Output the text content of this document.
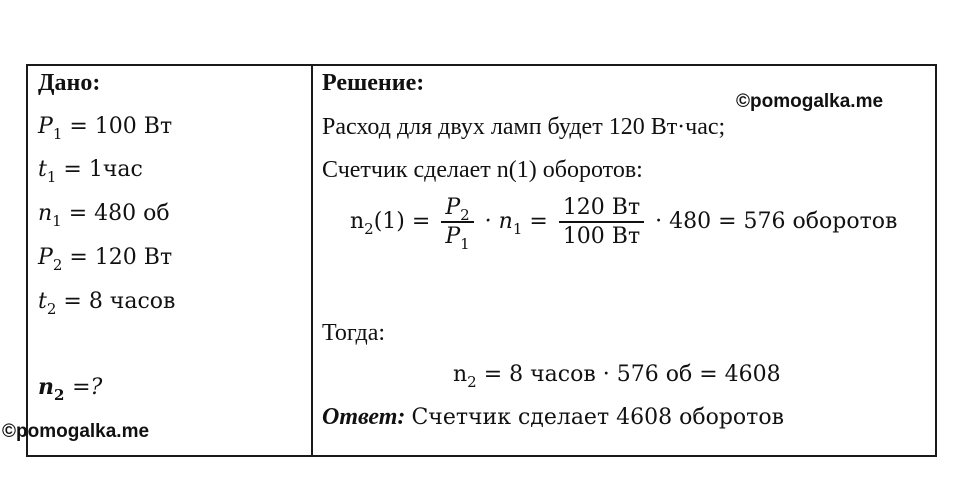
Дано:
$P_1 = 100$ Вт
$t_1 = 1час$
$n_1 = 480$ об
$P_2 = 120$ Вт
$t_2 = 8$ часов
$n_2$ =?
Решение:
Расход для двух ламп будет 120 Вт·час;
Счетчик сделает n(1) оборотов:
$n_2(1) = \frac{P_2}{P_1} \cdot n_1 = \frac{120 Вт}{100 Вт} \cdot 480 = 576$ оборотов
Тогда:
$n_2 = 8$ часов · 576 об = 4608
Ответ: Счетчик сделает 4608 оборотов
©pomogalka.me
©pomogalka.me
